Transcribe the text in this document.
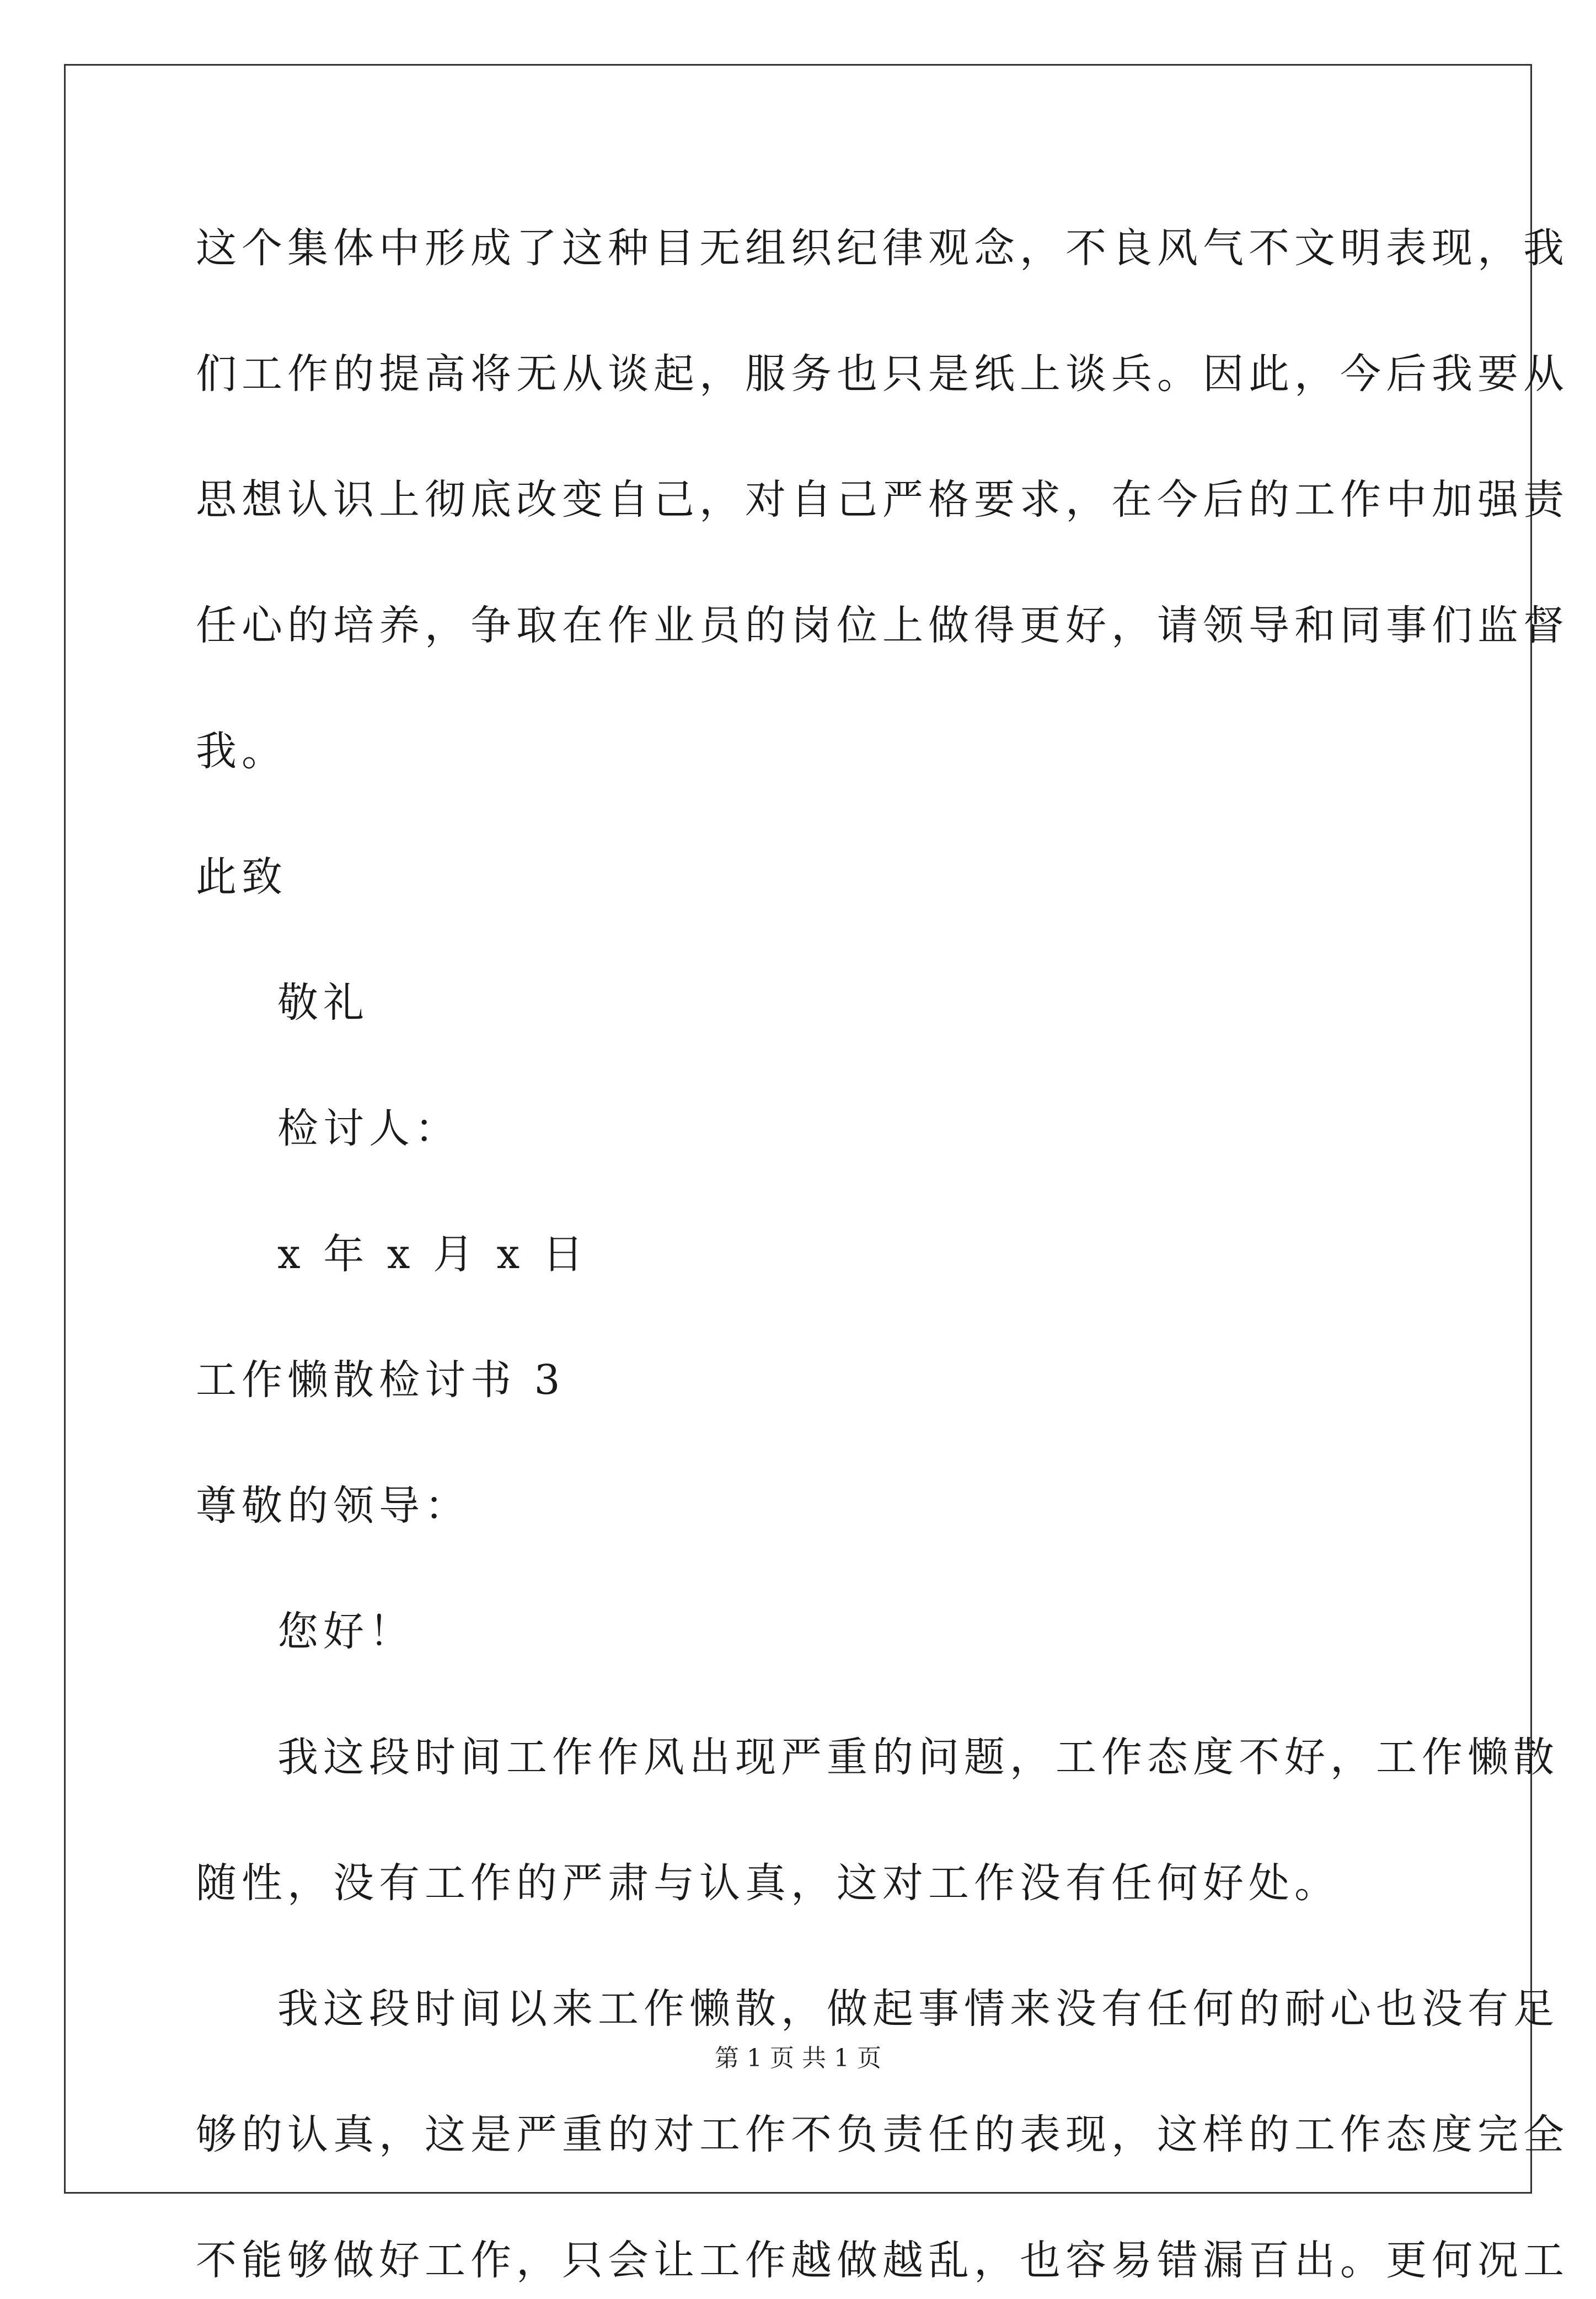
这个集体中形成了这种目无组织纪律观念，不良风气不文明表现，我
们工作的提高将无从谈起，服务也只是纸上谈兵。因此，今后我要从
思想认识上彻底改变自己，对自己严格要求，在今后的工作中加强责
任心的培养，争取在作业员的岗位上做得更好，请领导和同事们监督
我。
此致
敬礼
检讨人：
x 年 x 月 x 日
工作懒散检讨书 3
尊敬的领导：
您好！
我这段时间工作作风出现严重的问题，工作态度不好，工作懒散
随性，没有工作的严肃与认真，这对工作没有任何好处。
我这段时间以来工作懒散，做起事情来没有任何的耐心也没有足
够的认真，这是严重的对工作不负责任的表现，这样的工作态度完全
不能够做好工作，只会让工作越做越乱，也容易错漏百出。更何况工
第 1 页 共 1 页
